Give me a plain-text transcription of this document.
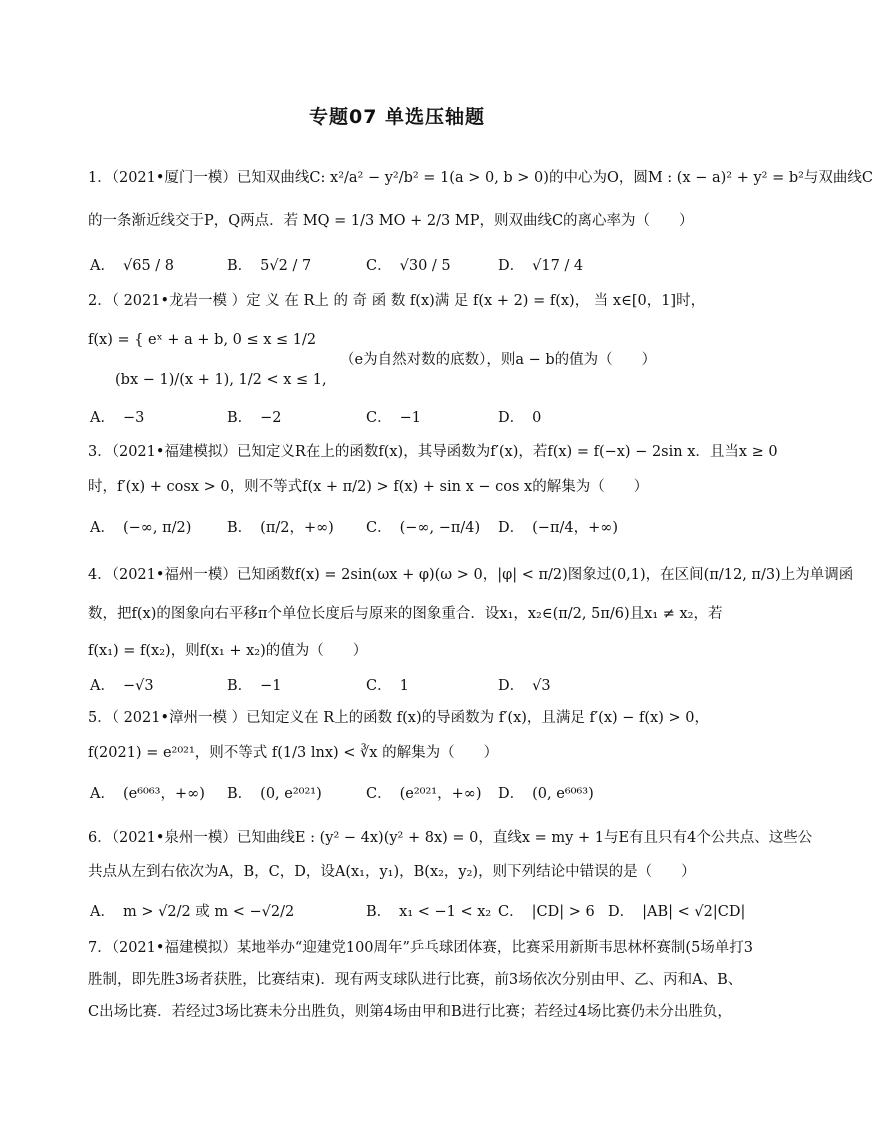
专题07 单选压轴题
1．（2021•厦门一模）已知双曲线C: x²/a² − y²/b² = 1(a > 0, b > 0)的中心为O，圆M : (x − a)² + y² = b²与双曲线C
的一条渐近线交于P，Q两点．若 MQ = 1/3 MO + 2/3 MP，则双曲线C的离心率为（　　）
A． √65 / 8	B． 5√2 / 7	C． √30 / 5	D． √17 / 4
2．（ 2021•龙岩一模 ）定 义 在 R上 的 奇 函 数 f(x)满 足 f(x + 2) = f(x)， 当 x∈[0，1]时，
f(x) = { eˣ + a + b, 0 ≤ x ≤ 1/2
（e为自然对数的底数），则a − b的值为（　　）
(bx − 1)/(x + 1), 1/2 < x ≤ 1,
A． −3	B． −2	C． −1	D． 0
3．（2021•福建模拟）已知定义R在上的函数f(x)，其导函数为f′(x)，若f(x) = f(−x) − 2sin x．且当x ≥ 0
时，f′(x) + cosx > 0，则不等式f(x + π/2) > f(x) + sin x − cos x的解集为（　　）
A． (−∞, π/2) B． (π/2，+∞) C． (−∞, −π/4) D． (−π/4，+∞)
4．（2021•福州一模）已知函数f(x) = 2sin(ωx + φ)(ω > 0，|φ| < π/2)图象过(0,1)，在区间(π/12, π/3)上为单调函
数，把f(x)的图象向右平移π个单位长度后与原来的图象重合．设x₁，x₂∈(π/2, 5π/6)且x₁ ≠ x₂，若
f(x₁) = f(x₂)，则f(x₁ + x₂)的值为（　　）
A． −√3	B． −1	C． 1	D． √3
5．（ 2021•漳州一模 ）已知定义在 R上的函数 f(x)的导函数为 f′(x)，且满足 f′(x) − f(x) > 0，
f(2021) = e²⁰²¹，则不等式 f(1/3 lnx) < ∛x 的解集为（　　）
A． (e⁶⁰⁶³，+∞) B． (0, e²⁰²¹)	C． (e²⁰²¹，+∞) D． (0, e⁶⁰⁶³)
6．（2021•泉州一模）已知曲线E : (y² − 4x)(y² + 8x) = 0，直线x = my + 1与E有且只有4个公共点、这些公
共点从左到右依次为A，B，C，D，设A(x₁，y₁)，B(x₂，y₂)，则下列结论中错误的是（　　）
A． m > √2/2 或 m < −√2/2	B． x₁ < −1 < x₂ C． |CD| > 6 D． |AB| < √2|CD|
7．（2021•福建模拟）某地举办“迎建党100周年”乒乓球团体赛，比赛采用新斯韦思林杯赛制(5场单打3
胜制，即先胜3场者获胜，比赛结束)．现有两支球队进行比赛，前3场依次分别由甲、乙、丙和A、B、
C出场比赛．若经过3场比赛未分出胜负，则第4场由甲和B进行比赛；若经过4场比赛仍未分出胜负，
